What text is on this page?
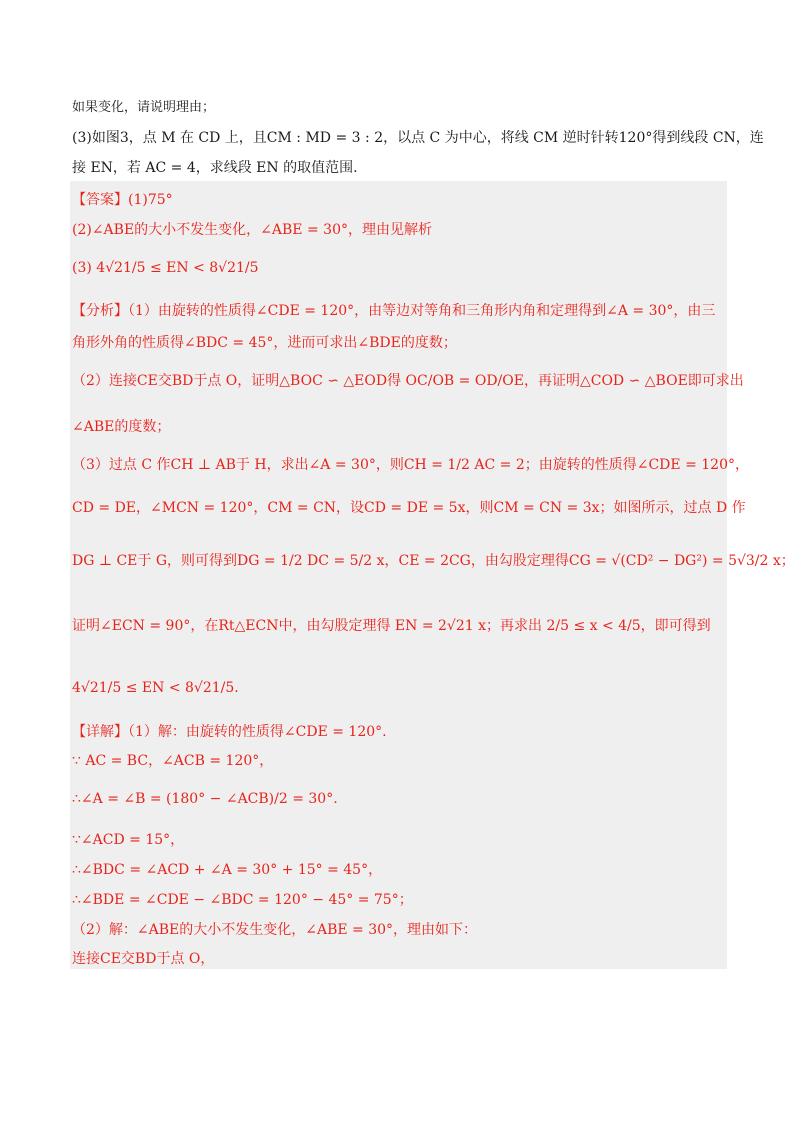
如果变化，请说明理由；
(3)如图3，点 M 在 CD 上，且CM : MD = 3 : 2，以点 C 为中心，将线 CM 逆时针转120°得到线段 CN，连
接 EN，若 AC = 4，求线段 EN 的取值范围.
【答案】(1)75°
(2)∠ABE的大小不发生变化，∠ABE = 30°，理由见解析
(3) 4√21/5 ≤ EN < 8√21/5
【分析】（1）由旋转的性质得∠CDE = 120°，由等边对等角和三角形内角和定理得到∠A = 30°，由三
角形外角的性质得∠BDC = 45°，进而可求出∠BDE的度数；
（2）连接CE交BD于点 O，证明△BOC ∽ △EOD得 OC/OB = OD/OE，再证明△COD ∽ △BOE即可求出
∠ABE的度数；
（3）过点 C 作CH ⊥ AB于 H，求出∠A = 30°，则CH = 1/2 AC = 2；由旋转的性质得∠CDE = 120°，
CD = DE，∠MCN = 120°，CM = CN，设CD = DE = 5x，则CM = CN = 3x；如图所示，过点 D 作
DG ⊥ CE于 G，则可得到DG = 1/2 DC = 5/2 x，CE = 2CG，由勾股定理得CG = √(CD² − DG²) = 5√3/2 x；
证明∠ECN = 90°，在Rt△ECN中，由勾股定理得 EN = 2√21 x；再求出 2/5 ≤ x < 4/5，即可得到
4√21/5 ≤ EN < 8√21/5.
【详解】（1）解：由旋转的性质得∠CDE = 120°.
∵ AC = BC，∠ACB = 120°，
∴∠A = ∠B = (180° − ∠ACB)/2 = 30°.
∵∠ACD = 15°，
∴∠BDC = ∠ACD + ∠A = 30° + 15° = 45°，
∴∠BDE = ∠CDE − ∠BDC = 120° − 45° = 75°；
（2）解：∠ABE的大小不发生变化，∠ABE = 30°，理由如下：
连接CE交BD于点 O，
